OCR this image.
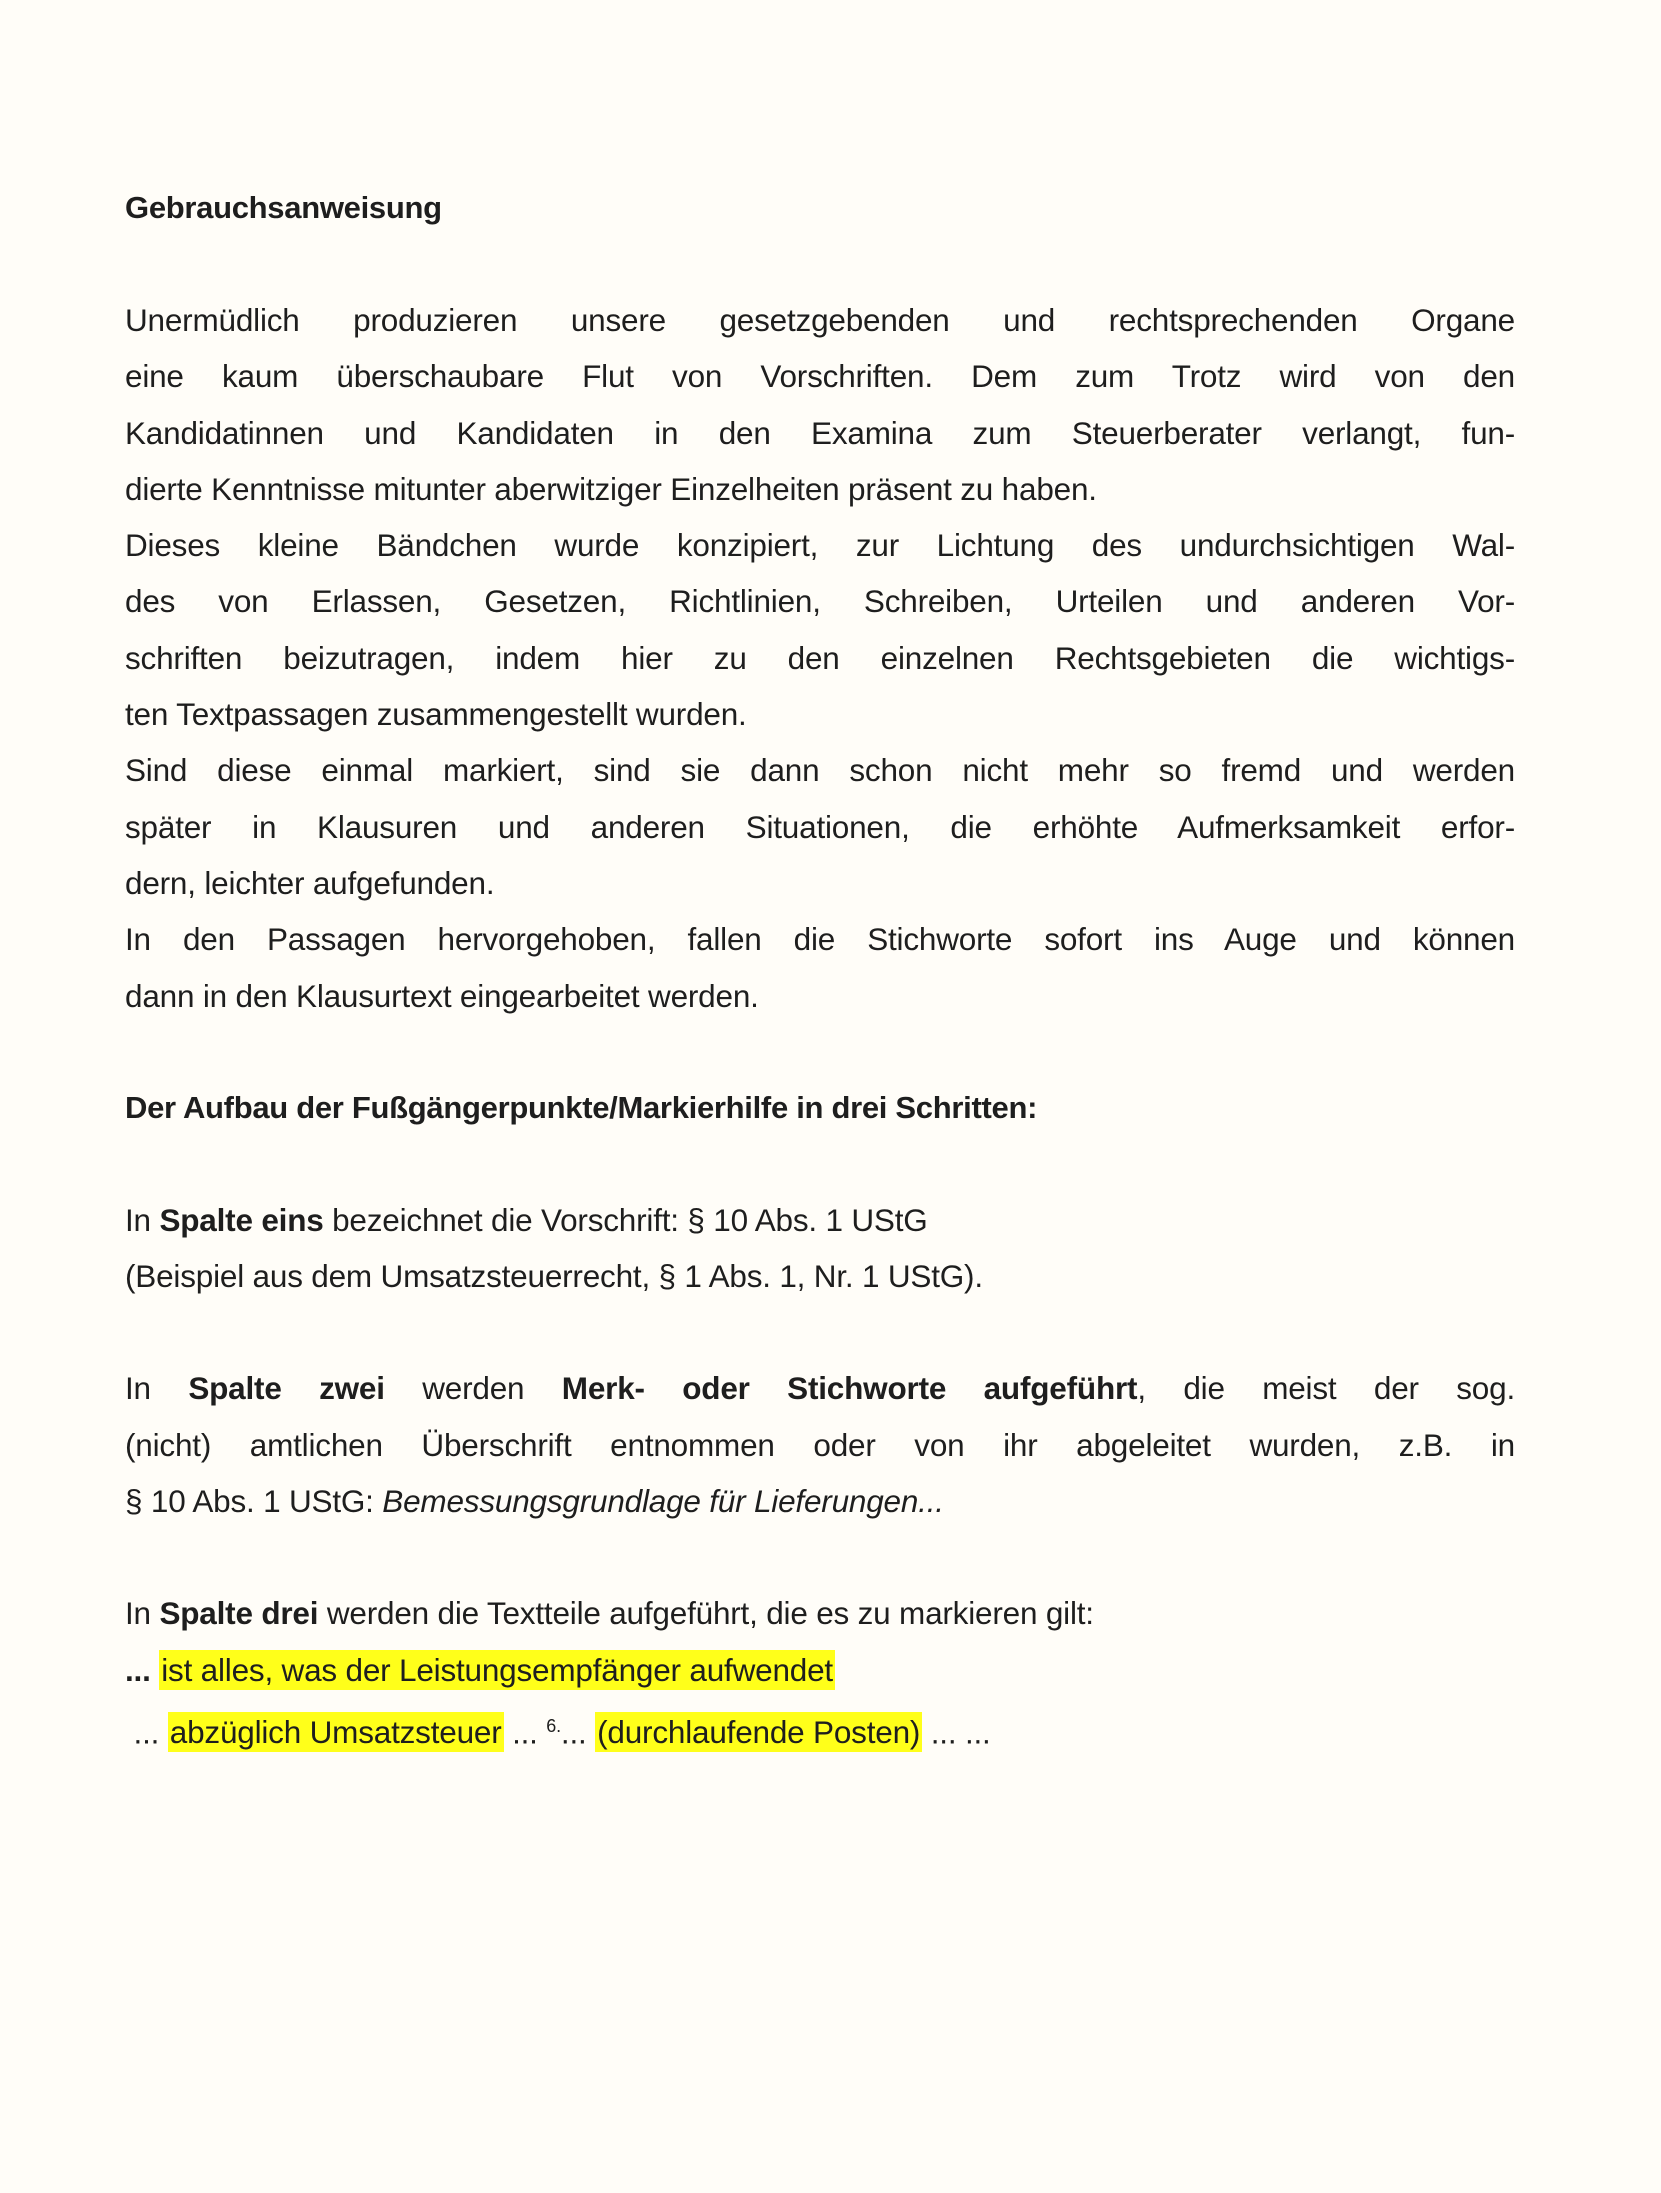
Gebrauchsanweisung

Unermüdlich produzieren unsere gesetzgebenden und rechtsprechenden Organe
eine kaum überschaubare Flut von Vorschriften. Dem zum Trotz wird von den
Kandidatinnen und Kandidaten in den Examina zum Steuerberater verlangt, fun-
dierte Kenntnisse mitunter aberwitziger Einzelheiten präsent zu haben.

Dieses kleine Bändchen wurde konzipiert, zur Lichtung des undurchsichtigen Wal-
des von Erlassen, Gesetzen, Richtlinien, Schreiben, Urteilen und anderen Vor-
schriften beizutragen, indem hier zu den einzelnen Rechtsgebieten die wichtigs-
ten Textpassagen zusammengestellt wurden.

Sind diese einmal markiert, sind sie dann schon nicht mehr so fremd und werden
später in Klausuren und anderen Situationen, die erhöhte Aufmerksamkeit erfor-
dern, leichter aufgefunden.

In den Passagen hervorgehoben, fallen die Stichworte sofort ins Auge und können
dann in den Klausurtext eingearbeitet werden.

Der Aufbau der Fußgängerpunkte/Markierhilfe in drei Schritten:

In Spalte eins bezeichnet die Vorschrift: § 10 Abs. 1 UStG
(Beispiel aus dem Umsatzsteuerrecht, § 1 Abs. 1, Nr. 1 UStG).

In Spalte zwei werden Merk- oder Stichworte aufgeführt, die meist der sog.
(nicht) amtlichen Überschrift entnommen oder von ihr abgeleitet wurden, z.B. in
§ 10 Abs. 1 UStG: Bemessungsgrundlage für Lieferungen...

In Spalte drei werden die Textteile aufgeführt, die es zu markieren gilt:
... ist alles, was der Leistungsempfänger aufwendet
... abzüglich Umsatzsteuer ... $^{6.}$... (durchlaufende Posten) ... ...
